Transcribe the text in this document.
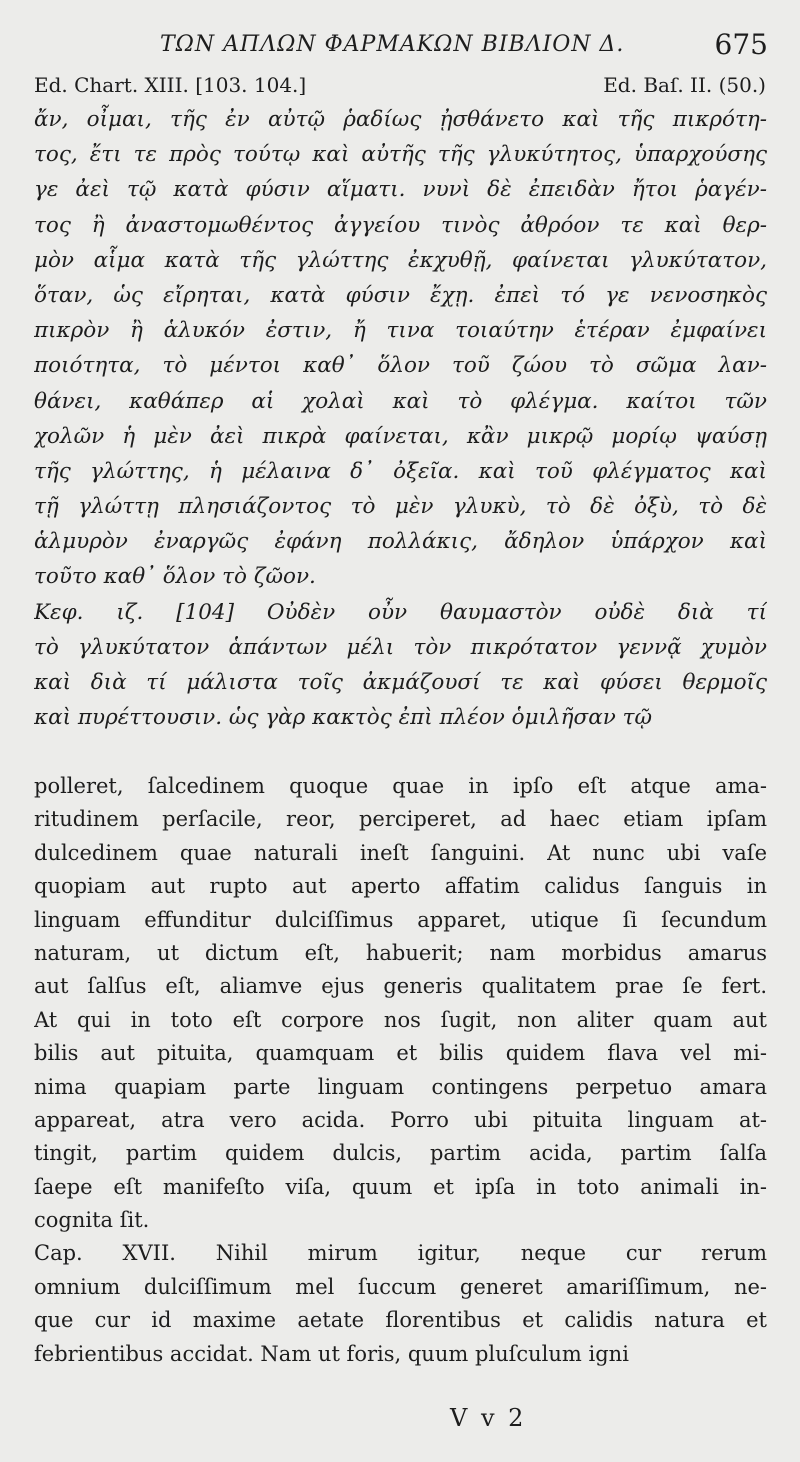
ΤΩΝ ΑΠΛΩΝ ΦΑΡΜΑΚΩΝ ΒΙΒΛΙΟΝ Δ.	675
Ed. Chart. XIII. [103. 104.]	Ed. Baſ. II. (50.)
ἄν, οἶμαι, τῆς ἐν αὐτῷ ῥαδίως ᾐσθάνετο καὶ τῆς πικρότη-
τος, ἔτι τε πρὸς τούτῳ καὶ αὐτῆς τῆς γλυκύτητος, ὑπαρχούσης
γε ἀεὶ τῷ κατὰ φύσιν αἵματι. νυνὶ δὲ ἐπειδὰν ἤτοι ῥαγέν-
τος ἢ ἀναστομωθέντος ἀγγείου τινὸς ἀθρόον τε καὶ θερ-
μὸν αἷμα κατὰ τῆς γλώττης ἐκχυθῇ, φαίνεται γλυκύτατον,
ὅταν, ὡς εἴρηται, κατὰ φύσιν ἔχῃ. ἐπεὶ τό γε νενοσηκὸς
πικρὸν ἢ ἁλυκόν ἐστιν, ἤ τινα τοιαύτην ἑτέραν ἐμφαίνει
ποιότητα, τὸ μέντοι καθ᾽ ὅλον τοῦ ζώου τὸ σῶμα λαν-
θάνει, καθάπερ αἱ χολαὶ καὶ τὸ φλέγμα. καίτοι τῶν
χολῶν ἡ μὲν ἀεὶ πικρὰ φαίνεται, κἂν μικρῷ μορίῳ ψαύσῃ
τῆς γλώττης, ἡ μέλαινα δ᾽ ὀξεῖα. καὶ τοῦ φλέγματος καὶ
τῇ γλώττῃ πλησιάζοντος τὸ μὲν γλυκὺ, τὸ δὲ ὀξὺ, τὸ δὲ
ἁλμυρὸν ἐναργῶς ἐφάνη πολλάκις, ἄδηλον ὑπάρχον καὶ
τοῦτο καθ᾽ ὅλον τὸ ζῶον.
Κεφ. ιζ. [104] Οὐδὲν οὖν θαυμαστὸν οὐδὲ διὰ τί
τὸ γλυκύτατον ἁπάντων μέλι τὸν πικρότατον γεννᾷ χυμὸν
καὶ διὰ τί μάλιστα τοῖς ἀκμάζουσί τε καὶ φύσει θερμοῖς
καὶ πυρέττουσιν. ὡς γὰρ κακτὸς ἐπὶ πλέον ὁμιλῆσαν τῷ
polleret, ſalcedinem quoque quae in ipſo eſt atque ama-
ritudinem perſacile, reor, perciperet, ad haec etiam ipſam
dulcedinem quae naturali ineſt ſanguini. At nunc ubi vaſe
quopiam aut rupto aut aperto affatim calidus ſanguis in
linguam effunditur dulciſſimus apparet, utique ſi ſecundum
naturam, ut dictum eſt, habuerit; nam morbidus amarus
aut ſalſus eſt, aliamve ejus generis qualitatem prae ſe fert.
At qui in toto eſt corpore nos ſugit, non aliter quam aut
bilis aut pituita, quamquam et bilis quidem flava vel mi-
nima quapiam parte linguam contingens perpetuo amara
appareat, atra vero acida. Porro ubi pituita linguam at-
tingit, partim quidem dulcis, partim acida, partim ſalſa
ſaepe eſt manifeſto viſa, quum et ipſa in toto animali in-
cognita ſit.
Cap. XVII. Nihil mirum igitur, neque cur rerum
omnium dulciſſimum mel ſuccum generet amariſſimum, ne-
que cur id maxime aetate florentibus et calidis natura et
febrientibus accidat. Nam ut foris, quum pluſculum igni
V v 2
